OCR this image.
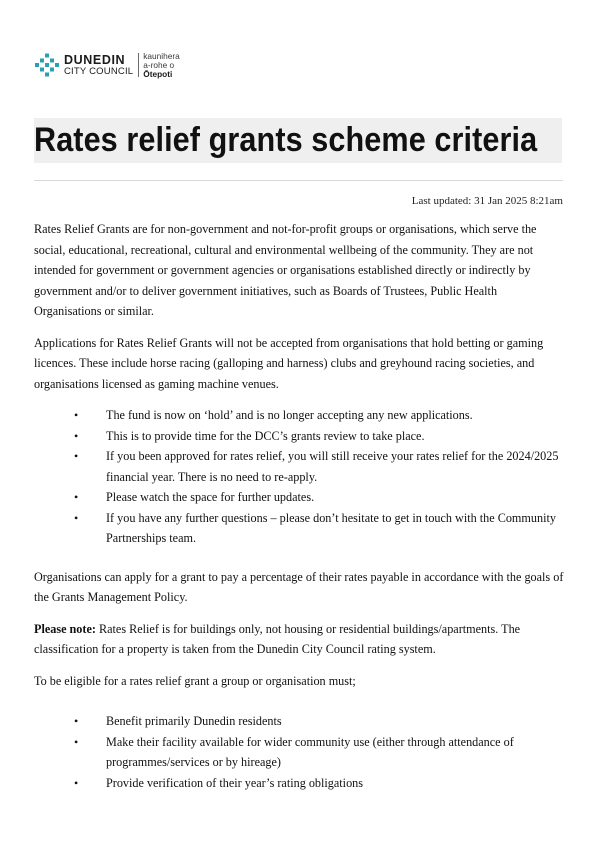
DUNEDIN
CITY COUNCIL
kaunihera
a-rohe o
Ōtepoti
Rates relief grants scheme criteria
Last updated: 31 Jan 2025 8:21am

Rates Relief Grants are for non-government and not-for-profit groups or organisations, which serve the social, educational, recreational, cultural and environmental wellbeing of the community. They are not intended for government or government agencies or organisations established directly or indirectly by government and/or to deliver government initiatives, such as Boards of Trustees, Public Health Organisations or similar.

Applications for Rates Relief Grants will not be accepted from organisations that hold betting or gaming licences. These include horse racing (galloping and harness) clubs and greyhound racing societies, and organisations licensed as gaming machine venues.

• The fund is now on ‘hold’ and is no longer accepting any new applications.
• This is to provide time for the DCC’s grants review to take place.
• If you been approved for rates relief, you will still receive your rates relief for the 2024/2025 financial year. There is no need to re-apply.
• Please watch the space for further updates.
• If you have any further questions – please don’t hesitate to get in touch with the Community Partnerships team.

Organisations can apply for a grant to pay a percentage of their rates payable in accordance with the goals of the Grants Management Policy.

Please note: Rates Relief is for buildings only, not housing or residential buildings/apartments. The classification for a property is taken from the Dunedin City Council rating system.

To be eligible for a rates relief grant a group or organisation must;

• Benefit primarily Dunedin residents
• Make their facility available for wider community use (either through attendance of programmes/services or by hireage)
• Provide verification of their year’s rating obligations
